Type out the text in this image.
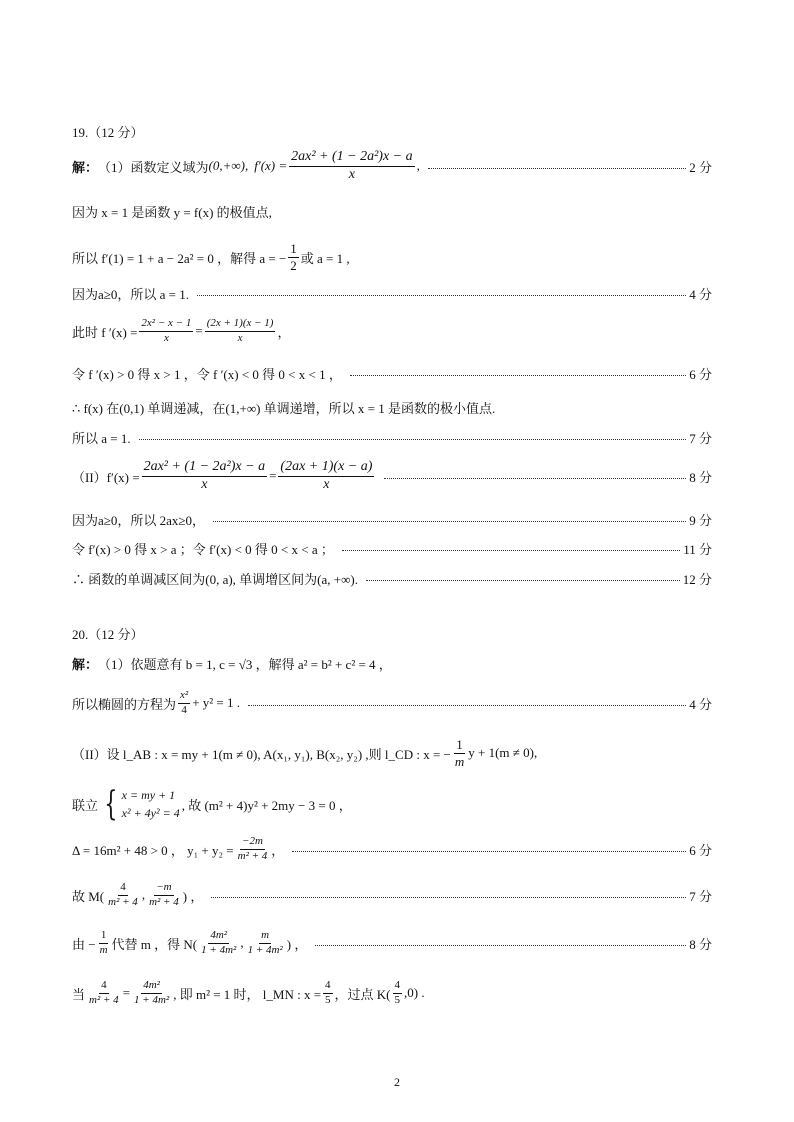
19.（12 分）
解： （1）函数定义域为 (0,+∞), $f'(x) = \frac{\text{2ax² + (1 − 2a²)x − a}}{x}$ ,	2 分
因为 x = 1 是函数 y = f(x) 的极值点,
所以 f′(1) = 1 + a − 2a² = 0 ，解得 a = − $\frac{1}{2}$ 或 a = 1 ,
因为a≥0，所以 a = 1.	4 分
此时 f $'(x) = \frac{\text{2x² − x − 1}}{x} = \frac{(2x + 1)(x - 1)}{x}$ ，
令 f ′(x) > 0 得 x > 1 ，令 f ′(x) < 0 得 0 < x < 1 ，	6 分
∴ f(x) 在(0,1) 单调递减，在(1,+∞) 单调递增，所以 x = 1 是函数的极小值点.
所以 a = 1.	7 分
$(II)f'(x) = \frac{\text{2ax² + (1 − 2a²)x − a}}{x} = \frac{(2ax + 1)(x - a)}{x}$	8 分
因为a≥0，所以 2ax≥0，	9 分
令 f′(x) > 0 得 x > a ；令 f′(x) < 0 得 0 < x < a ；	11 分
∴ 函数的单调减区间为(0, a), 单调增区间为(a, +∞).	12 分
20.（12 分）
解： （1）依题意有 b = 1, c = √3 ，解得 a² = b² + c² = 4 ，
所以椭圆的方程为 $\frac{\text{x²}}{4} + y^2 = 1$ .	4 分
（II）设 l_AB : x = my + 1(m ≠ 0), A(x₁, y₁), B(x₂, y₂) ,则 l_CD : x = − $\frac{1}{m}$ y + 1(m ≠ 0),
联立 { x = my + 1
x² + 4y² = 4
, 故 (m² + 4)y² + 2my − 3 = 0 ，
Δ = 16m² + 48 > 0 ， $y_1 + y_2 = \frac{-2m}{\text{m² + 4}}$ ，	6 分
故 $M( \frac{4}{\text{m² + 4}}$ , $\frac{-m}{\text{m² + 4}}$ ) ，	7 分
由 − $\frac{1}{m}$ 代替 m ，得 $N( \frac{\text{4m²}}{\text{1 + 4m²}}$ , $\frac{m}{\text{1 + 4m²}}$ ) ，	8 分
当 $\frac{4}{\text{m² + 4}} = \frac{\text{4m²}}{\text{1 + 4m²}}$ , 即 m² = 1 时， l_MN : $x = \frac{4}{5}$ ，过点 $K( \frac{4}{5} ,0)$ .
2
